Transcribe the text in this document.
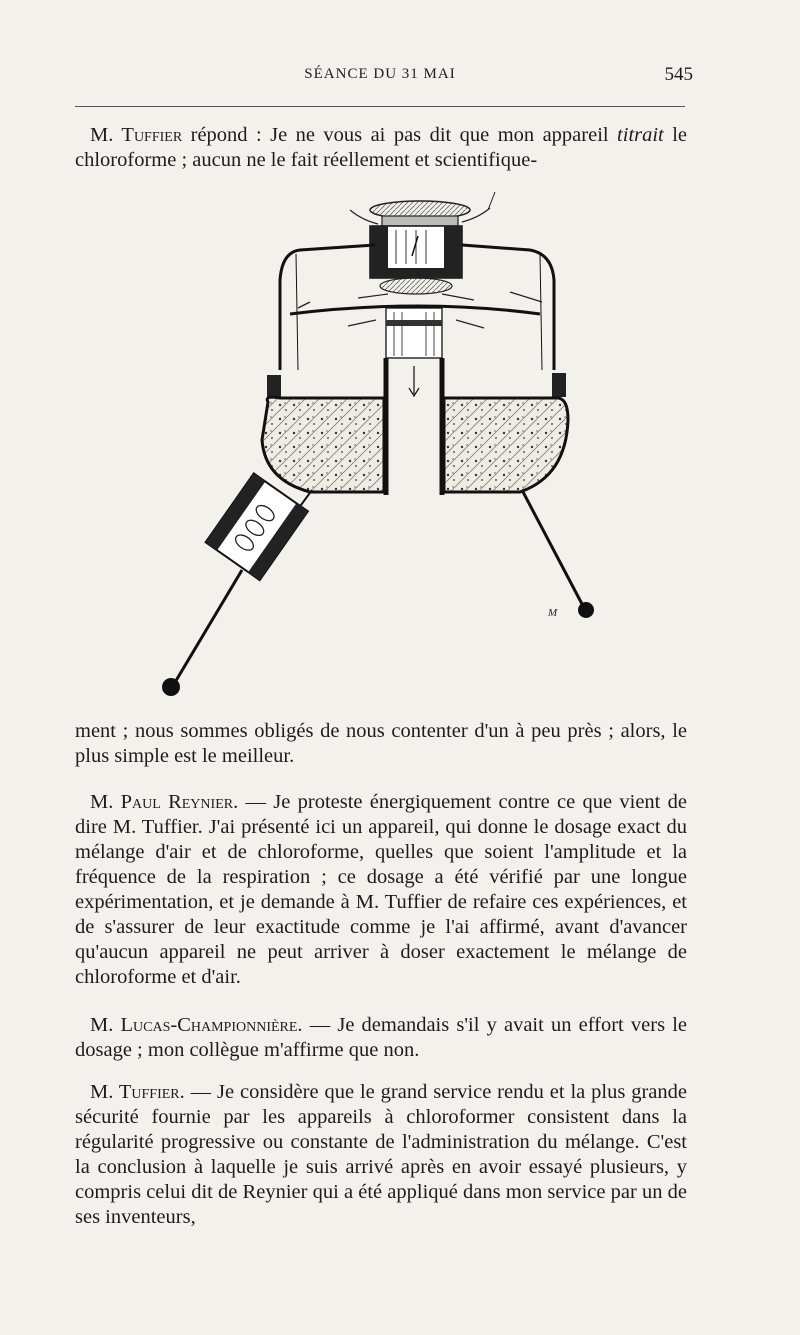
SÉANCE DU 31 MAI	545

M. Tuffier répond : Je ne vous ai pas dit que mon appareil titrait le chloroforme ; aucun ne le fait réellement et scientifique-

M

ment ; nous sommes obligés de nous contenter d'un à peu près ; alors, le plus simple est le meilleur.

M. Paul Reynier. — Je proteste énergiquement contre ce que vient de dire M. Tuffier. J'ai présenté ici un appareil, qui donne le dosage exact du mélange d'air et de chloroforme, quelles que soient l'amplitude et la fréquence de la respiration ; ce dosage a été vérifié par une longue expérimentation, et je demande à M. Tuffier de refaire ces expériences, et de s'assurer de leur exactitude comme je l'ai affirmé, avant d'avancer qu'aucun appareil ne peut arriver à doser exactement le mélange de chloroforme et d'air.

M. Lucas-Championnière. — Je demandais s'il y avait un effort vers le dosage ; mon collègue m'affirme que non.

M. Tuffier. — Je considère que le grand service rendu et la plus grande sécurité fournie par les appareils à chloroformer consistent dans la régularité progressive ou constante de l'administration du mélange. C'est la conclusion à laquelle je suis arrivé après en avoir essayé plusieurs, y compris celui dit de Reynier qui a été appliqué dans mon service par un de ses inventeurs,
